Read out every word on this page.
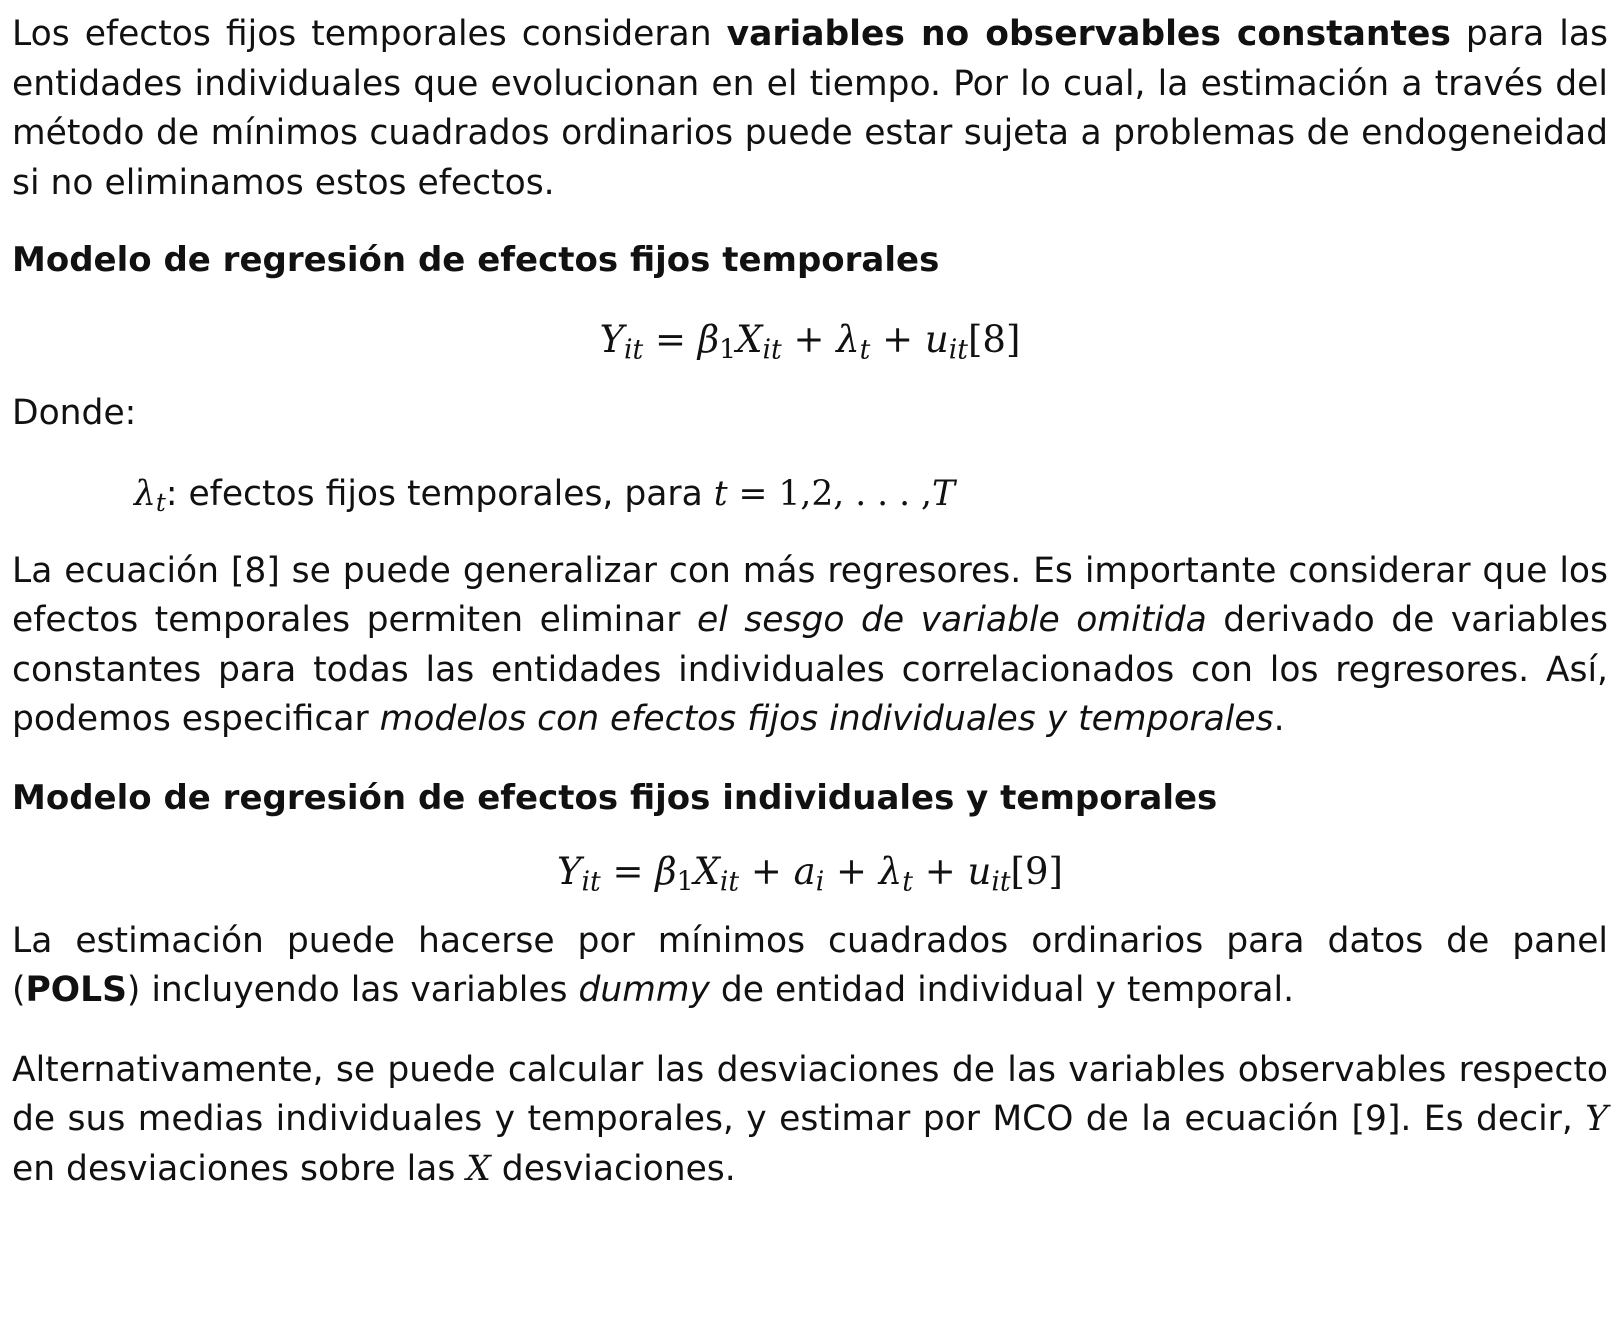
Los efectos fijos temporales consideran variables no observables constantes para las entidades individuales que evolucionan en el tiempo. Por lo cual, la estimación a través del método de mínimos cuadrados ordinarios puede estar sujeta a problemas de endogeneidad si no eliminamos estos efectos.

Modelo de regresión de efectos fijos temporales

$Y_{it} = \beta_1X_{it} + \lambda_t + u_{it}[8]$

Donde:

$\lambda_t$: efectos fijos temporales, para t = 1,2, . . . ,T

La ecuación [8] se puede generalizar con más regresores. Es importante considerar que los efectos temporales permiten eliminar el sesgo de variable omitida derivado de variables constantes para todas las entidades individuales correlacionados con los regresores. Así, podemos especificar modelos con efectos fijos individuales y temporales.

Modelo de regresión de efectos fijos individuales y temporales

$Y_{it} = \beta_1X_{it} + a_i + \lambda_t + u_{it}[9]$

La estimación puede hacerse por mínimos cuadrados ordinarios para datos de panel (POLS) incluyendo las variables dummy de entidad individual y temporal.

Alternativamente, se puede calcular las desviaciones de las variables observables respecto de sus medias individuales y temporales, y estimar por MCO de la ecuación [9]. Es decir, Y en desviaciones sobre las X desviaciones.
